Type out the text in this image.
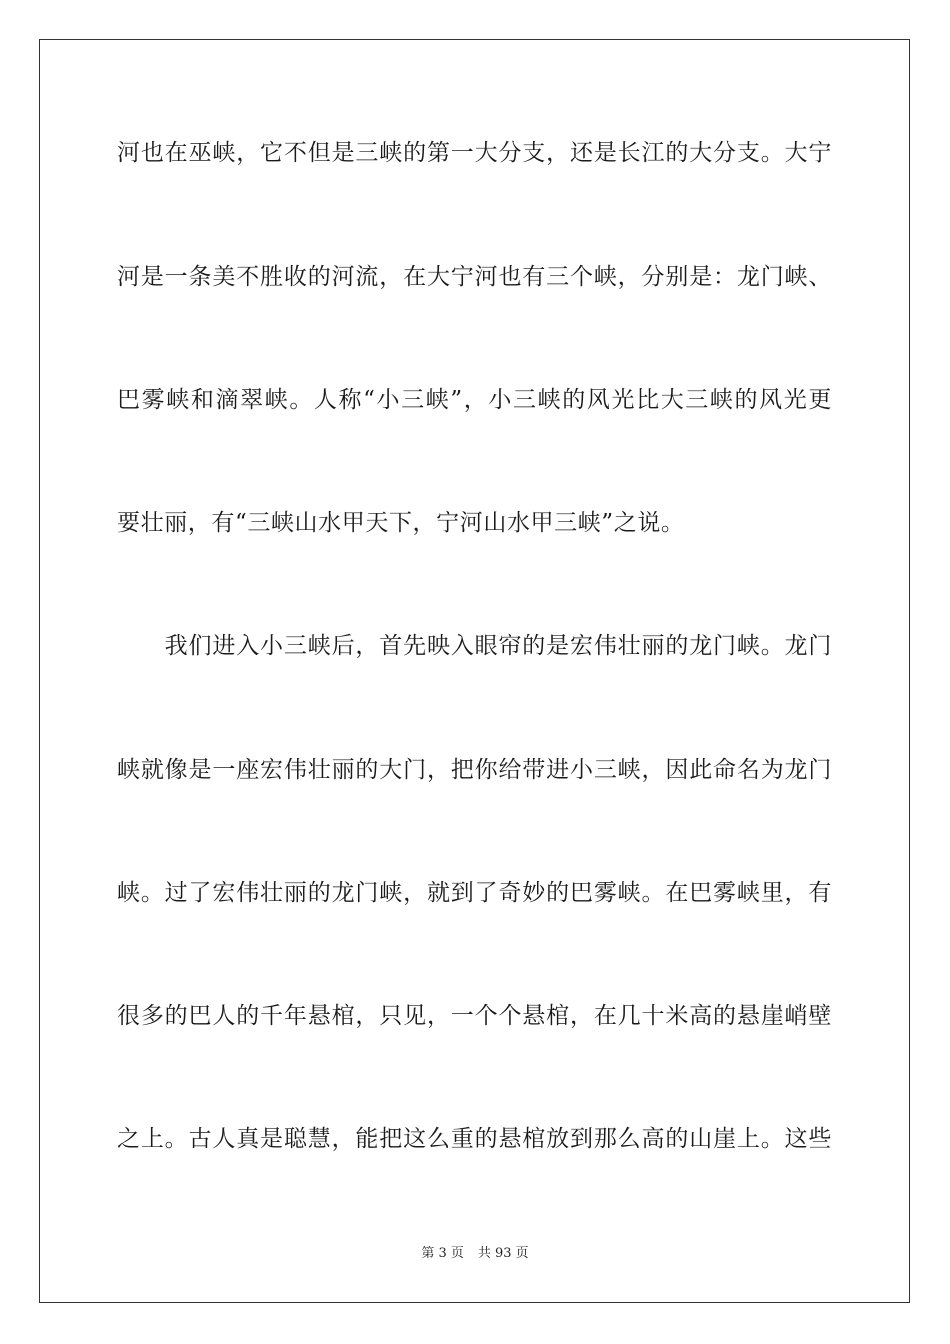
河也在巫峡，它不但是三峡的第一大分支，还是长江的大分支。大宁
河是一条美不胜收的河流，在大宁河也有三个峡，分别是：龙门峡、
巴雾峡和滴翠峡。人称“小三峡”，小三峡的风光比大三峡的风光更
要壮丽，有“三峡山水甲天下，宁河山水甲三峡”之说。
　　我们进入小三峡后，首先映入眼帘的是宏伟壮丽的龙门峡。龙门
峡就像是一座宏伟壮丽的大门，把你给带进小三峡，因此命名为龙门
峡。过了宏伟壮丽的龙门峡，就到了奇妙的巴雾峡。在巴雾峡里，有
很多的巴人的千年悬棺，只见，一个个悬棺，在几十米高的悬崖峭壁
之上。古人真是聪慧，能把这么重的悬棺放到那么高的山崖上。这些
第 3 页 共 93 页
